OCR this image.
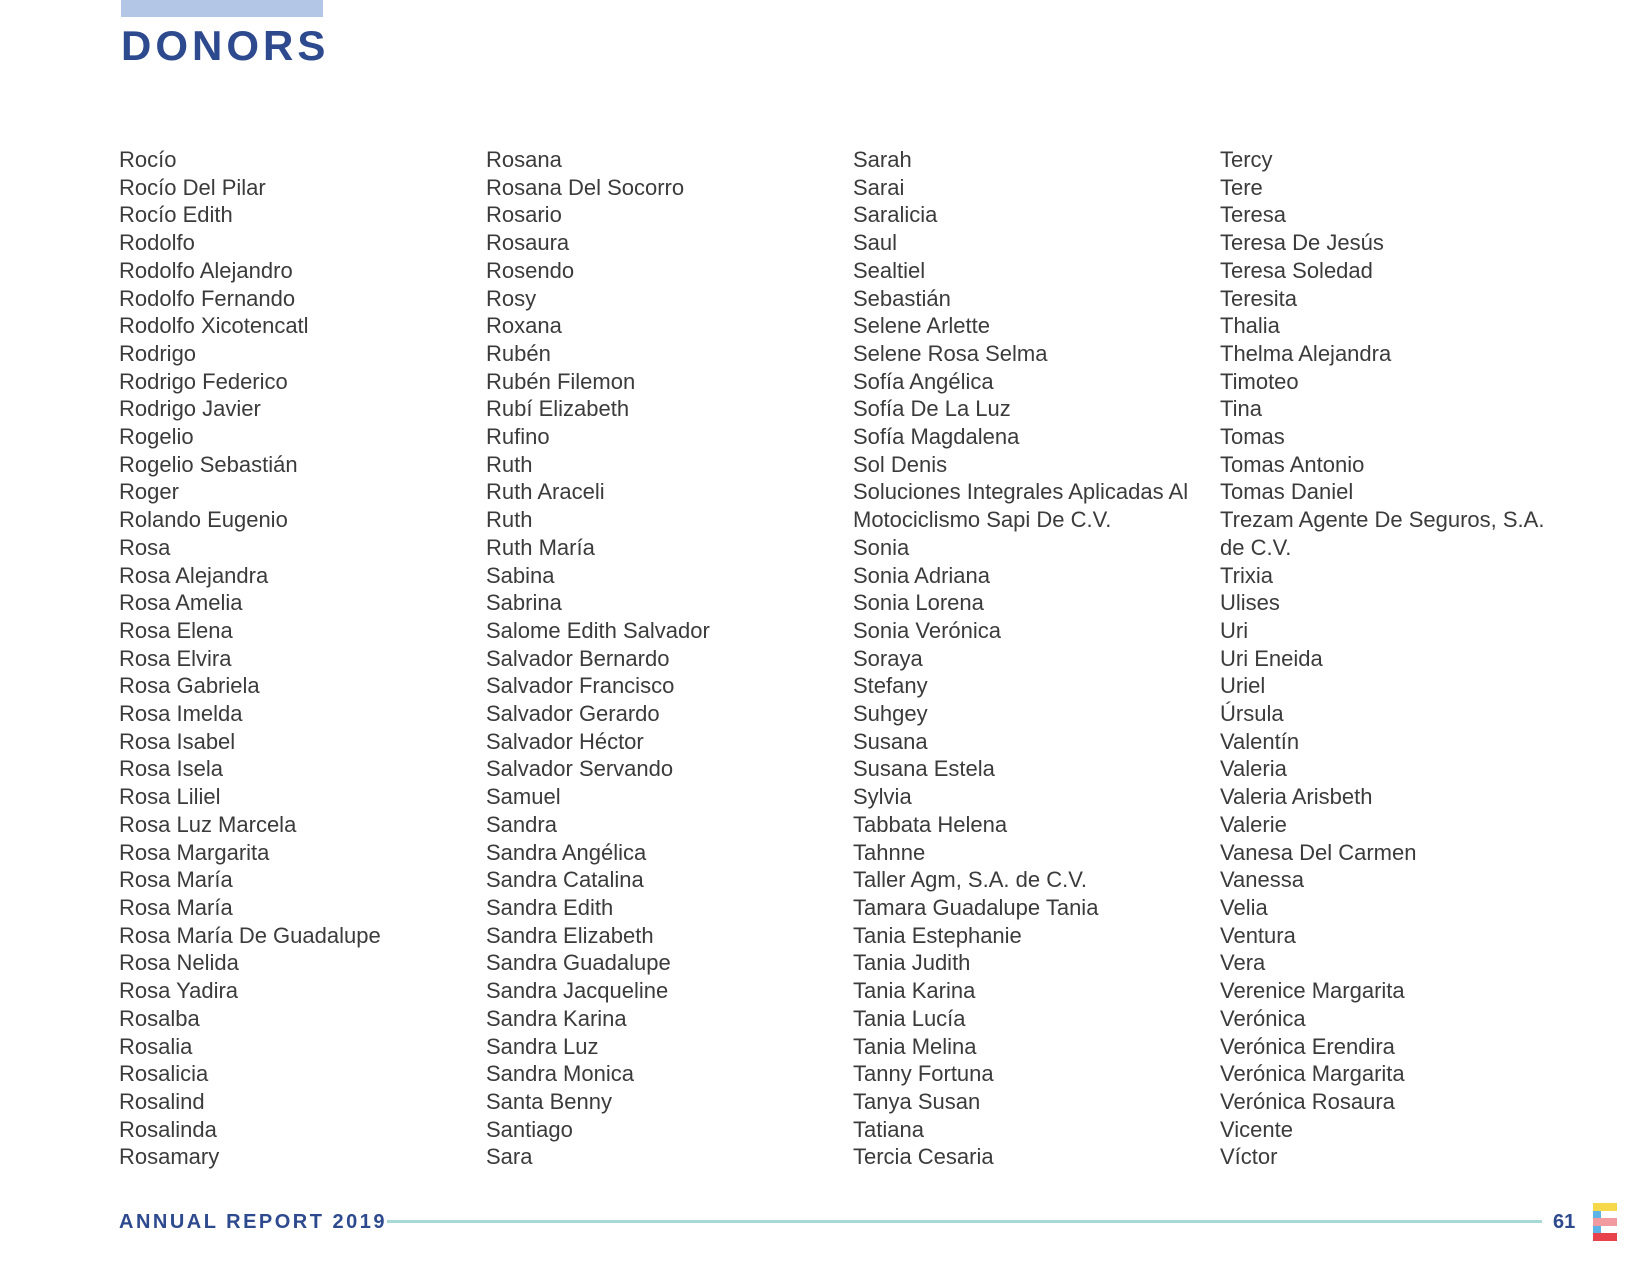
DONORS
Rocío
Rocío Del Pilar
Rocío Edith
Rodolfo
Rodolfo Alejandro
Rodolfo Fernando
Rodolfo Xicotencatl
Rodrigo
Rodrigo Federico
Rodrigo Javier
Rogelio
Rogelio Sebastián
Roger
Rolando Eugenio
Rosa
Rosa Alejandra
Rosa Amelia
Rosa Elena
Rosa Elvira
Rosa Gabriela
Rosa Imelda
Rosa Isabel
Rosa Isela
Rosa Liliel
Rosa Luz Marcela
Rosa Margarita
Rosa María
Rosa María
Rosa María De Guadalupe
Rosa Nelida
Rosa Yadira
Rosalba
Rosalia
Rosalicia
Rosalind
Rosalinda
Rosamary
Rosana
Rosana Del Socorro
Rosario
Rosaura
Rosendo
Rosy
Roxana
Rubén
Rubén Filemon
Rubí Elizabeth
Rufino
Ruth
Ruth Araceli
Ruth
Ruth María
Sabina
Sabrina
Salome Edith Salvador
Salvador Bernardo
Salvador Francisco
Salvador Gerardo
Salvador Héctor
Salvador Servando
Samuel
Sandra
Sandra Angélica
Sandra Catalina
Sandra Edith
Sandra Elizabeth
Sandra Guadalupe
Sandra Jacqueline
Sandra Karina
Sandra Luz
Sandra Monica
Santa Benny
Santiago
Sara
Sarah
Sarai
Saralicia
Saul
Sealtiel
Sebastián
Selene Arlette
Selene Rosa Selma
Sofía Angélica
Sofía De La Luz
Sofía Magdalena
Sol Denis
Soluciones Integrales Aplicadas Al
Motociclismo Sapi De C.V.
Sonia
Sonia Adriana
Sonia Lorena
Sonia Verónica
Soraya
Stefany
Suhgey
Susana
Susana Estela
Sylvia
Tabbata Helena
Tahnne
Taller Agm, S.A. de C.V.
Tamara Guadalupe Tania
Tania Estephanie
Tania Judith
Tania Karina
Tania Lucía
Tania Melina
Tanny Fortuna
Tanya Susan
Tatiana
Tercia Cesaria
Tercy
Tere
Teresa
Teresa De Jesús
Teresa Soledad
Teresita
Thalia
Thelma Alejandra
Timoteo
Tina
Tomas
Tomas Antonio
Tomas Daniel
Trezam Agente De Seguros, S.A.
de C.V.
Trixia
Ulises
Uri
Uri Eneida
Uriel
Úrsula
Valentín
Valeria
Valeria Arisbeth
Valerie
Vanesa Del Carmen
Vanessa
Velia
Ventura
Vera
Verenice Margarita
Verónica
Verónica Erendira
Verónica Margarita
Verónica Rosaura
Vicente
Víctor
ANNUAL REPORT 2019	61
